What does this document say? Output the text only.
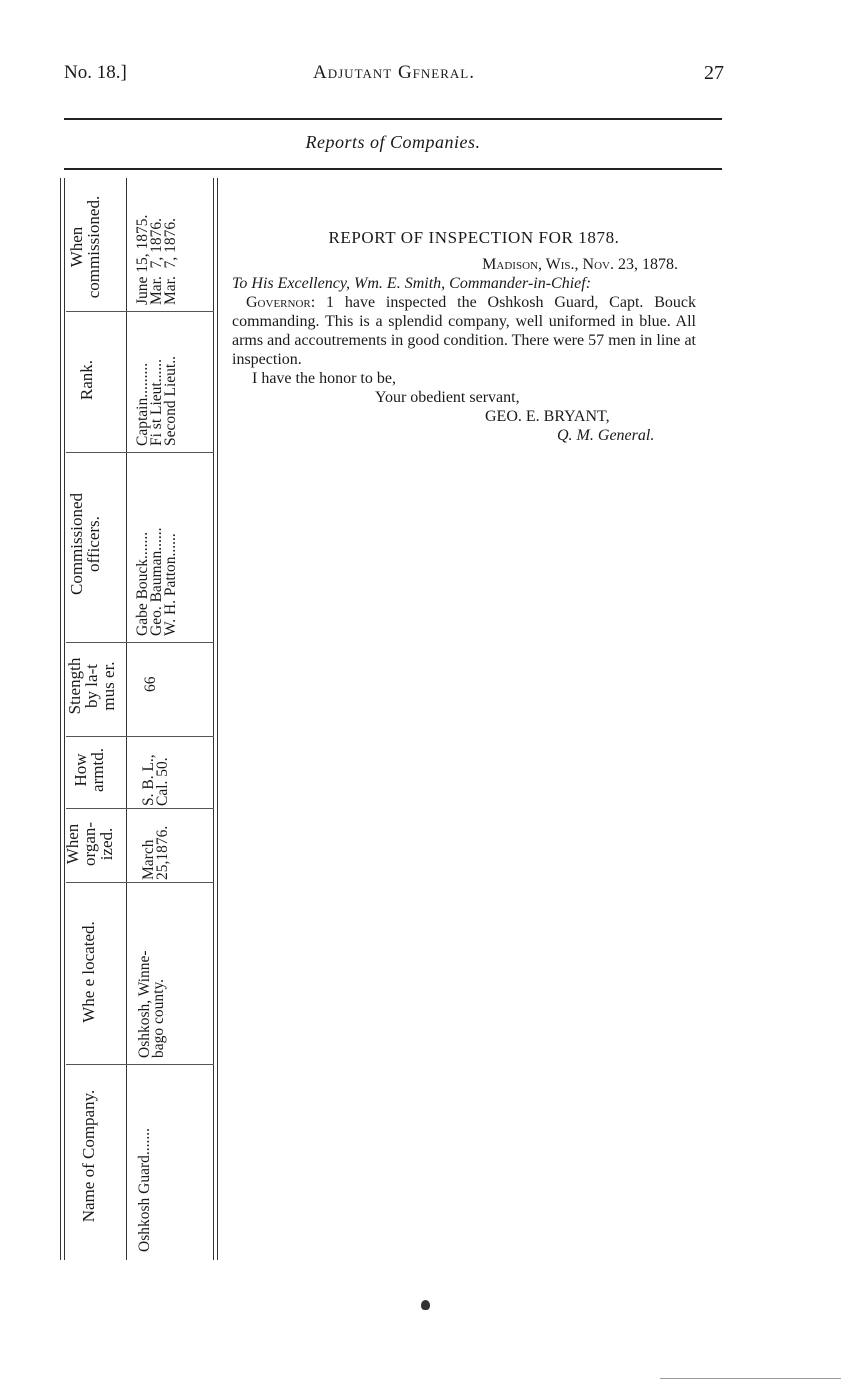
No. 18.]	Adjutant Gfneral.	27
Reports of Companies.
When
commissioned. June 15, 1875.
Mar.  7, 1876.
Mar.  7, 1876.
Rank. Captain.........
Fi st Lieut......
Second Lieut..
Commissioned
officers.
Gabe Bouck.......
Geo. Bauman......
W. H. Patton......
Stıength
by la-t
mus er.
66
How
armtd.
S. B. L.,
Cal. 50.
When
organ-
ized. March
25,1876.
Whe e located.
Oshkosh, Winne-
bago county.
Name of Company. Oshkosh Guard.......
REPORT OF INSPECTION FOR 1878.
Madison, Wis., Nov. 23, 1878.
To His Excellency, Wm. E. Smith, Commander-in-Chief:
Governor: 1 have inspected the Oshkosh Guard, Capt. Bouck commanding. This is a splendid company, well uniformed in blue. All arms and accoutrements in good condition. There were 57 men in line at inspection.
I have the honor to be,
Your obedient servant,
GEO. E. BRYANT,
Q. M. General.
